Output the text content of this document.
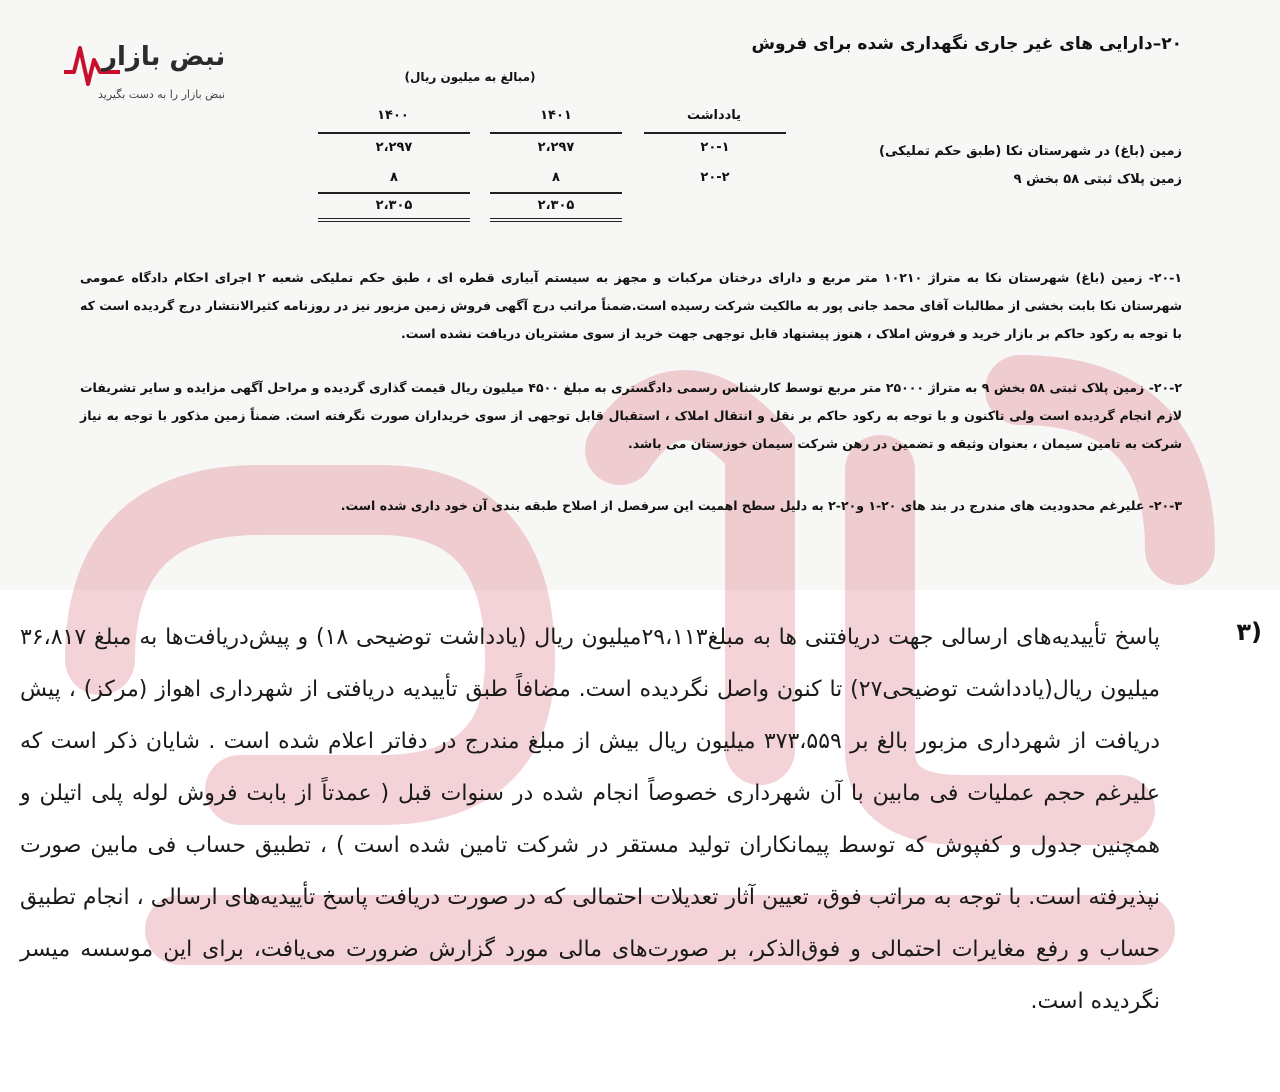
نبض بازار
نبض بازار را به دست بگیرید
۲۰–دارایی های غیر جاری نگهداری شده برای فروش
(مبالغ به میلیون ریال)
یادداشت
۱۴۰۱
۱۴۰۰
زمین (باغ) در شهرستان نکا (طبق حکم تملیکی)
۲۰-۱
۲،۲۹۷
۲،۲۹۷
زمین پلاک ثبتی ۵۸ بخش ۹
۲۰-۲
۸
۸
۲،۳۰۵
۲،۳۰۵
۲۰-۱- زمین (باغ) شهرستان نکا به متراژ ۱۰۲۱۰ متر مربع و دارای درختان مرکبات و مجهز به سیستم آبیاری قطره ای ، طبق حکم تملیکی شعبه ۲ اجرای احکام دادگاه عمومی شهرستان نکا بابت بخشی از مطالبات آقای محمد جانی پور به مالکیت شرکت رسیده است.ضمناً مراتب درج آگهی فروش زمین مزبور نیز در روزنامه کثیرالانتشار درج گردیده است که با توجه به رکود حاکم بر بازار خرید و فروش املاک ، هنوز پیشنهاد قابل توجهی جهت خرید از سوی مشتریان دریافت نشده است.
۲۰-۲- زمین پلاک ثبتی ۵۸ بخش ۹ به متراژ ۲۵۰۰۰ متر مربع توسط کارشناس رسمی دادگستری به مبلغ ۴۵۰۰ میلیون ریال قیمت گذاری گردیده و مراحل آگهی مزایده و سایر تشریفات لازم انجام گردیده است ولی تاکنون و با توجه به رکود حاکم بر نقل و انتقال املاک ، استقبال قابل توجهی از سوی خریداران صورت نگرفته است. ضمناً زمین مذکور با توجه به نیاز شرکت به تامین سیمان ، بعنوان وثیقه و تضمین در رهن شرکت سیمان خوزستان می باشد.
۲۰-۳- علیرغم محدودیت های مندرج در بند های ۲۰-۱ و۲۰-۲ به دلیل سطح اهمیت این سرفصل از اصلاح طبقه بندی آن خود داری شده است.
۳)
پاسخ تأییدیه‌های ارسالی جهت دریافتنی ها به مبلغ۲۹،۱۱۳میلیون ریال (یادداشت توضیحی ۱۸) و پیش‌دریافت‌ها به مبلغ ۳۶،۸۱۷ میلیون ریال(یادداشت توضیحی۲۷) تا کنون واصل نگردیده است. مضافاً طبق تأییدیه دریافتی از شهرداری اهواز (مرکز) ، پیش دریافت از شهرداری مزبور بالغ بر ۳۷۳،۵۵۹ میلیون ریال بیش از مبلغ مندرج در دفاتر اعلام شده است . شایان ذکر است که علیرغم حجم عملیات فی مابین با آن شهرداری خصوصاً انجام شده در سنوات قبل ( عمدتاً از بابت فروش لوله پلی اتیلن و همچنین جدول و کفپوش که توسط پیمانکاران تولید مستقر در شرکت تامین شده است ) ، تطبیق حساب فی مابین صورت نپذیرفته است. با توجه به مراتب فوق، تعیین آثار تعدیلات احتمالی که در صورت دریافت پاسخ تأییدیه‌های ارسالی ، انجام تطبیق حساب و رفع مغایرات احتمالی و فوق‌الذکر، بر صورت‌های مالی مورد گزارش ضرورت می‌یافت، برای این موسسه میسر نگردیده است.
